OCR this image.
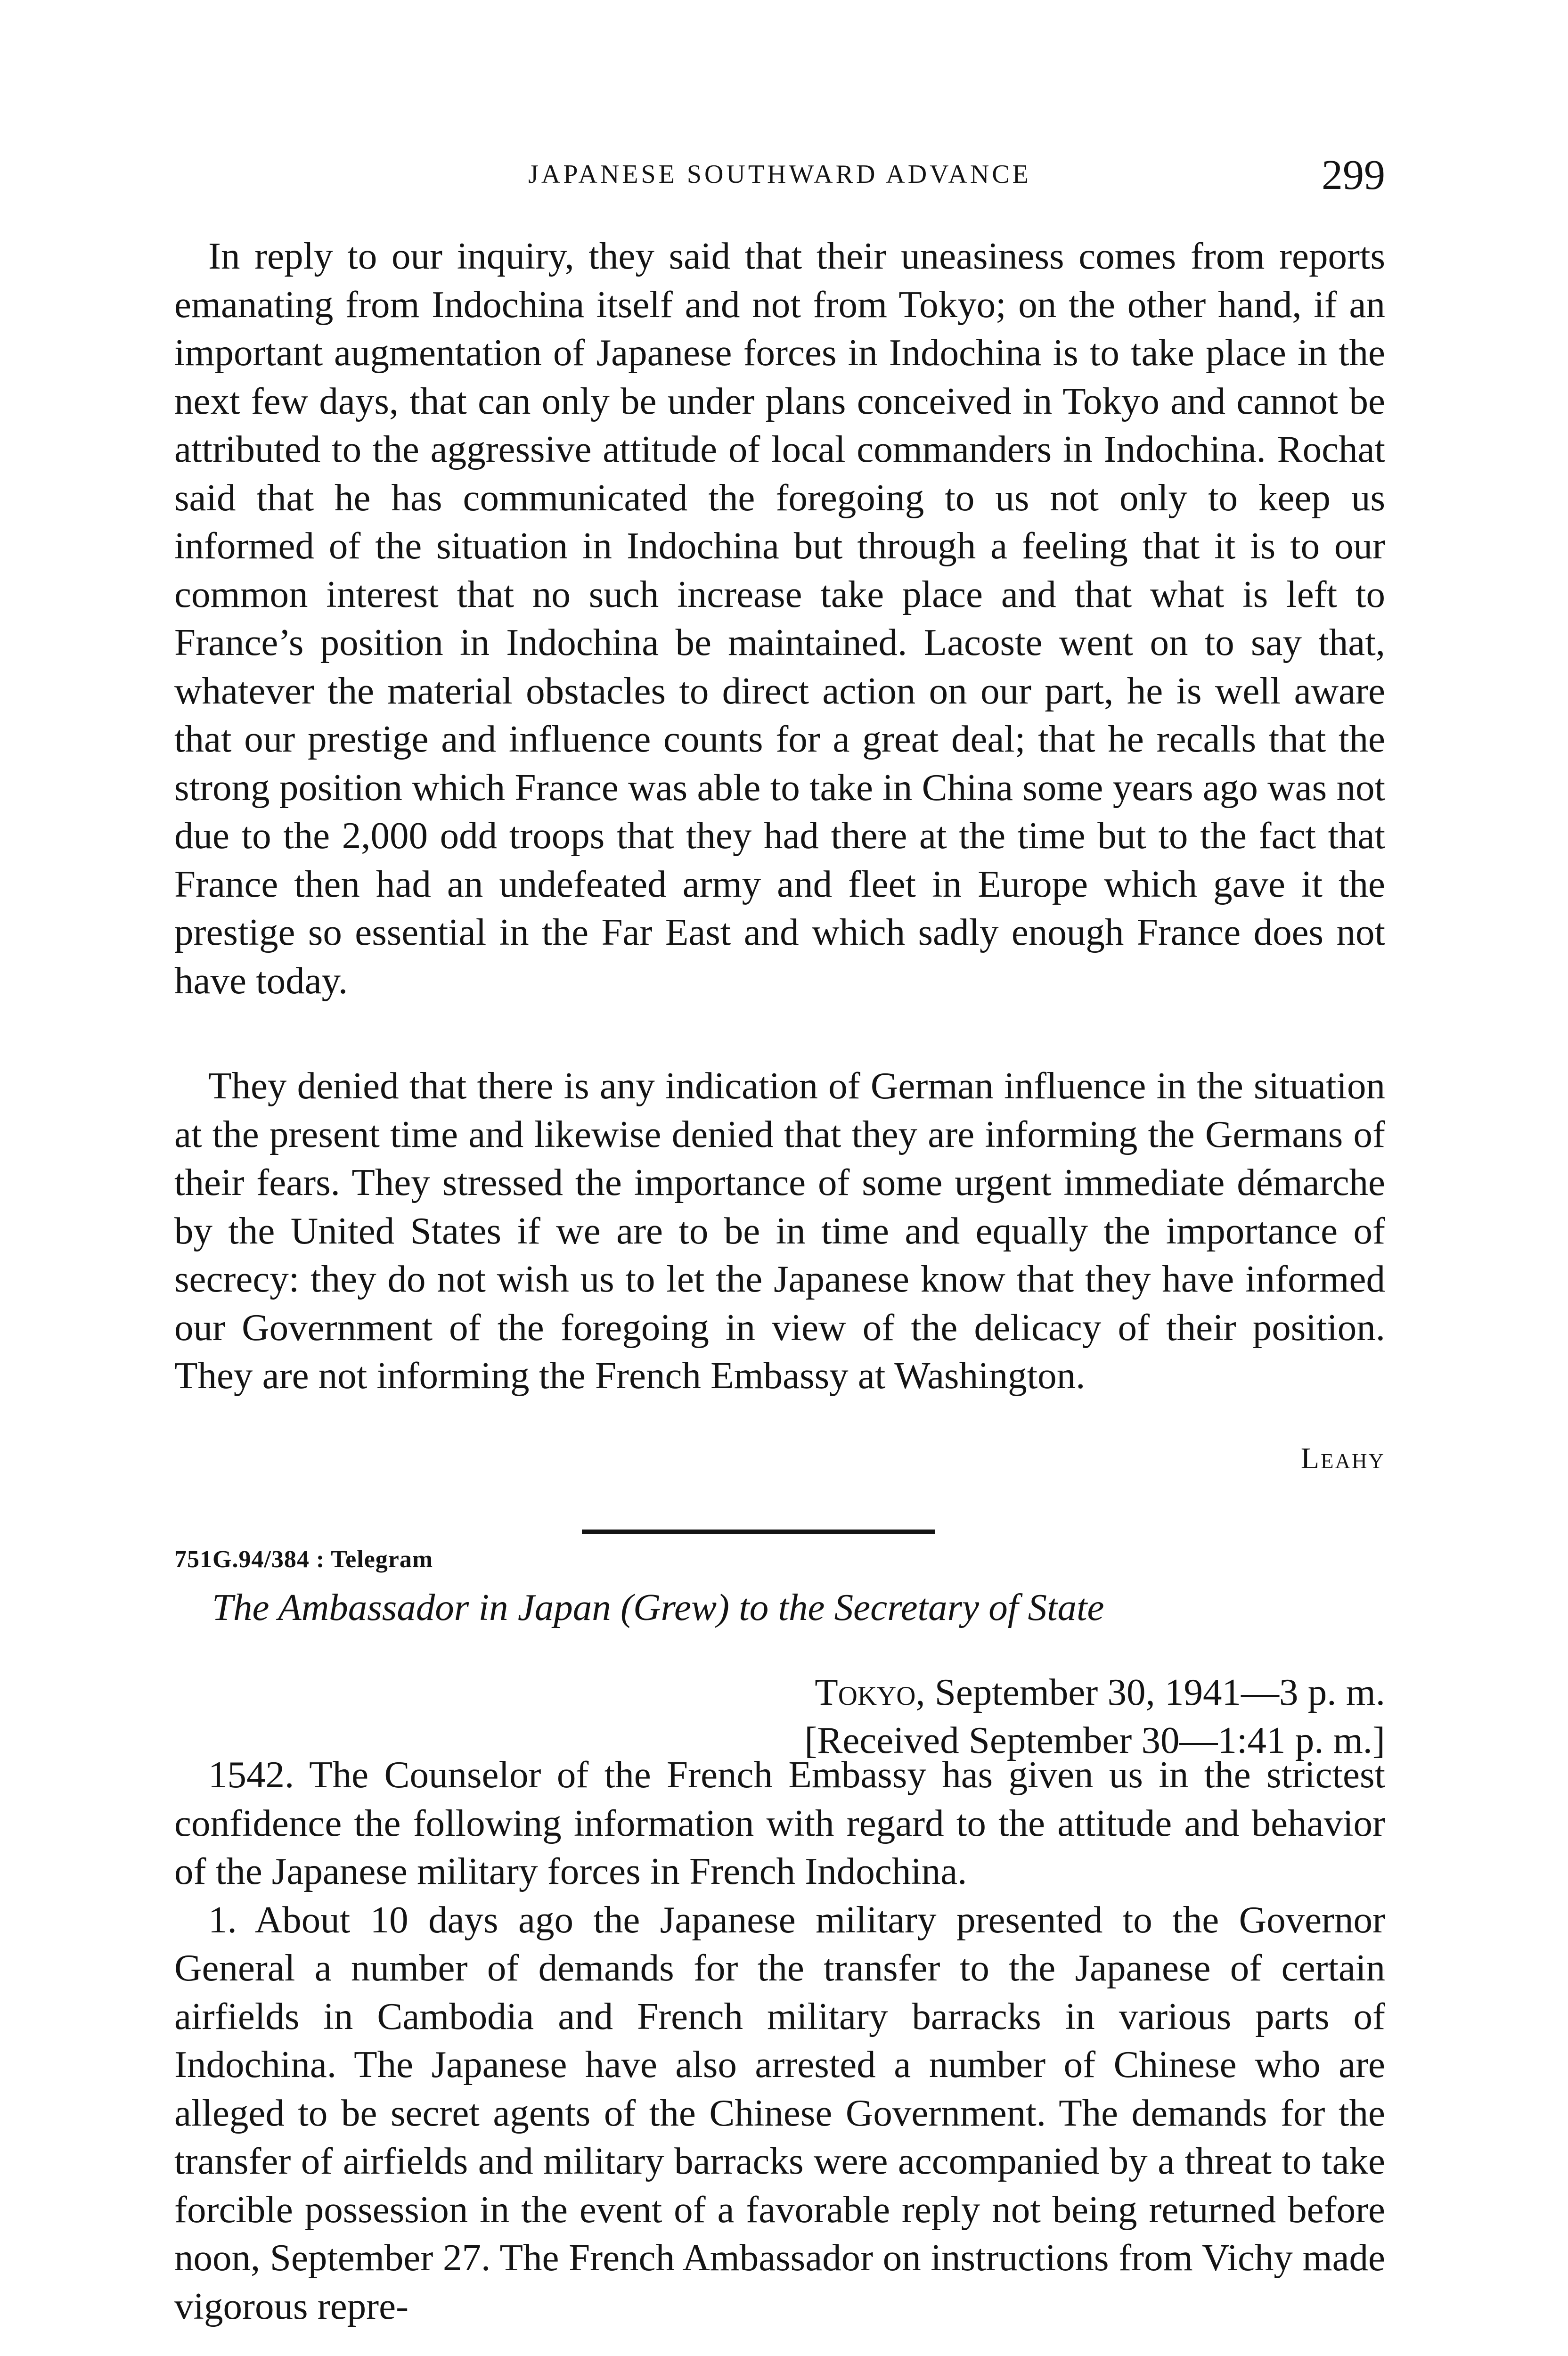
JAPANESE SOUTHWARD ADVANCE	299

In reply to our inquiry, they said that their uneasiness comes from reports emanating from Indochina itself and not from Tokyo; on the other hand, if an important augmentation of Japanese forces in Indochina is to take place in the next few days, that can only be under plans conceived in Tokyo and cannot be attributed to the aggressive attitude of local commanders in Indochina. Rochat said that he has communicated the foregoing to us not only to keep us informed of the situation in Indochina but through a feeling that it is to our common interest that no such increase take place and that what is left to France’s position in Indochina be maintained. Lacoste went on to say that, whatever the material obstacles to direct action on our part, he is well aware that our prestige and influence counts for a great deal; that he recalls that the strong position which France was able to take in China some years ago was not due to the 2,000 odd troops that they had there at the time but to the fact that France then had an undefeated army and fleet in Europe which gave it the prestige so essential in the Far East and which sadly enough France does not have today.

They denied that there is any indication of German influence in the situation at the present time and likewise denied that they are informing the Germans of their fears. They stressed the importance of some urgent immediate démarche by the United States if we are to be in time and equally the importance of secrecy: they do not wish us to let the Japanese know that they have informed our Government of the foregoing in view of the delicacy of their position. They are not informing the French Embassy at Washington.

Leahy
751G.94/384 : Telegram
The Ambassador in Japan (Grew) to the Secretary of State
Tokyo, September 30, 1941—3 p. m.
[Received September 30—1:41 p. m.]

1542. The Counselor of the French Embassy has given us in the strictest confidence the following information with regard to the attitude and behavior of the Japanese military forces in French Indochina.

1. About 10 days ago the Japanese military presented to the Governor General a number of demands for the transfer to the Japanese of certain airfields in Cambodia and French military barracks in various parts of Indochina. The Japanese have also arrested a number of Chinese who are alleged to be secret agents of the Chinese Government. The demands for the transfer of airfields and military barracks were accompanied by a threat to take forcible possession in the event of a favorable reply not being returned before noon, September 27. The French Ambassador on instructions from Vichy made vigorous repre-
